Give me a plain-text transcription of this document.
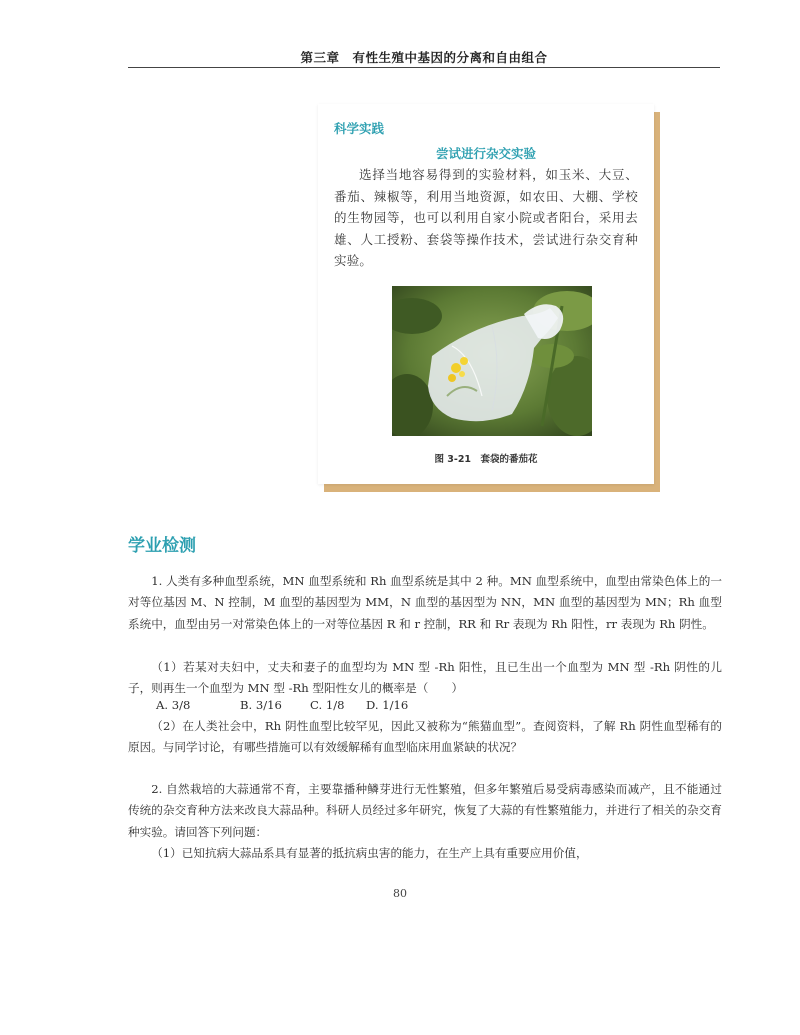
第三章　有性生殖中基因的分离和自由组合
科学实践
尝试进行杂交实验
选择当地容易得到的实验材料，如玉米、大豆、番茄、辣椒等，利用当地资源，如农田、大棚、学校的生物园等，也可以利用自家小院或者阳台，采用去雄、人工授粉、套袋等操作技术，尝试进行杂交育种实验。
图 3-21　套袋的番茄花
学业检测
1. 人类有多种血型系统，MN 血型系统和 Rh 血型系统是其中 2 种。MN 血型系统中，血型由常染色体上的一对等位基因 M、N 控制，M 血型的基因型为 MM，N 血型的基因型为 NN，MN 血型的基因型为 MN；Rh 血型系统中，血型由另一对常染色体上的一对等位基因 R 和 r 控制，RR 和 Rr 表现为 Rh 阳性，rr 表现为 Rh 阴性。
（1）若某对夫妇中，丈夫和妻子的血型均为 MN 型 -Rh 阳性，且已生出一个血型为 MN 型 -Rh 阴性的儿子，则再生一个血型为 MN 型 -Rh 型阳性女儿的概率是（　　）
A. 3/8	B. 3/16	C. 1/8	D. 1/16
（2）在人类社会中，Rh 阴性血型比较罕见，因此又被称为“熊猫血型”。查阅资料，了解 Rh 阴性血型稀有的原因。与同学讨论，有哪些措施可以有效缓解稀有血型临床用血紧缺的状况？
2. 自然栽培的大蒜通常不育，主要靠播种鳞芽进行无性繁殖，但多年繁殖后易受病毒感染而减产，且不能通过传统的杂交育种方法来改良大蒜品种。科研人员经过多年研究，恢复了大蒜的有性繁殖能力，并进行了相关的杂交育种实验。请回答下列问题：
（1）已知抗病大蒜品系具有显著的抵抗病虫害的能力，在生产上具有重要应用价值，
80
